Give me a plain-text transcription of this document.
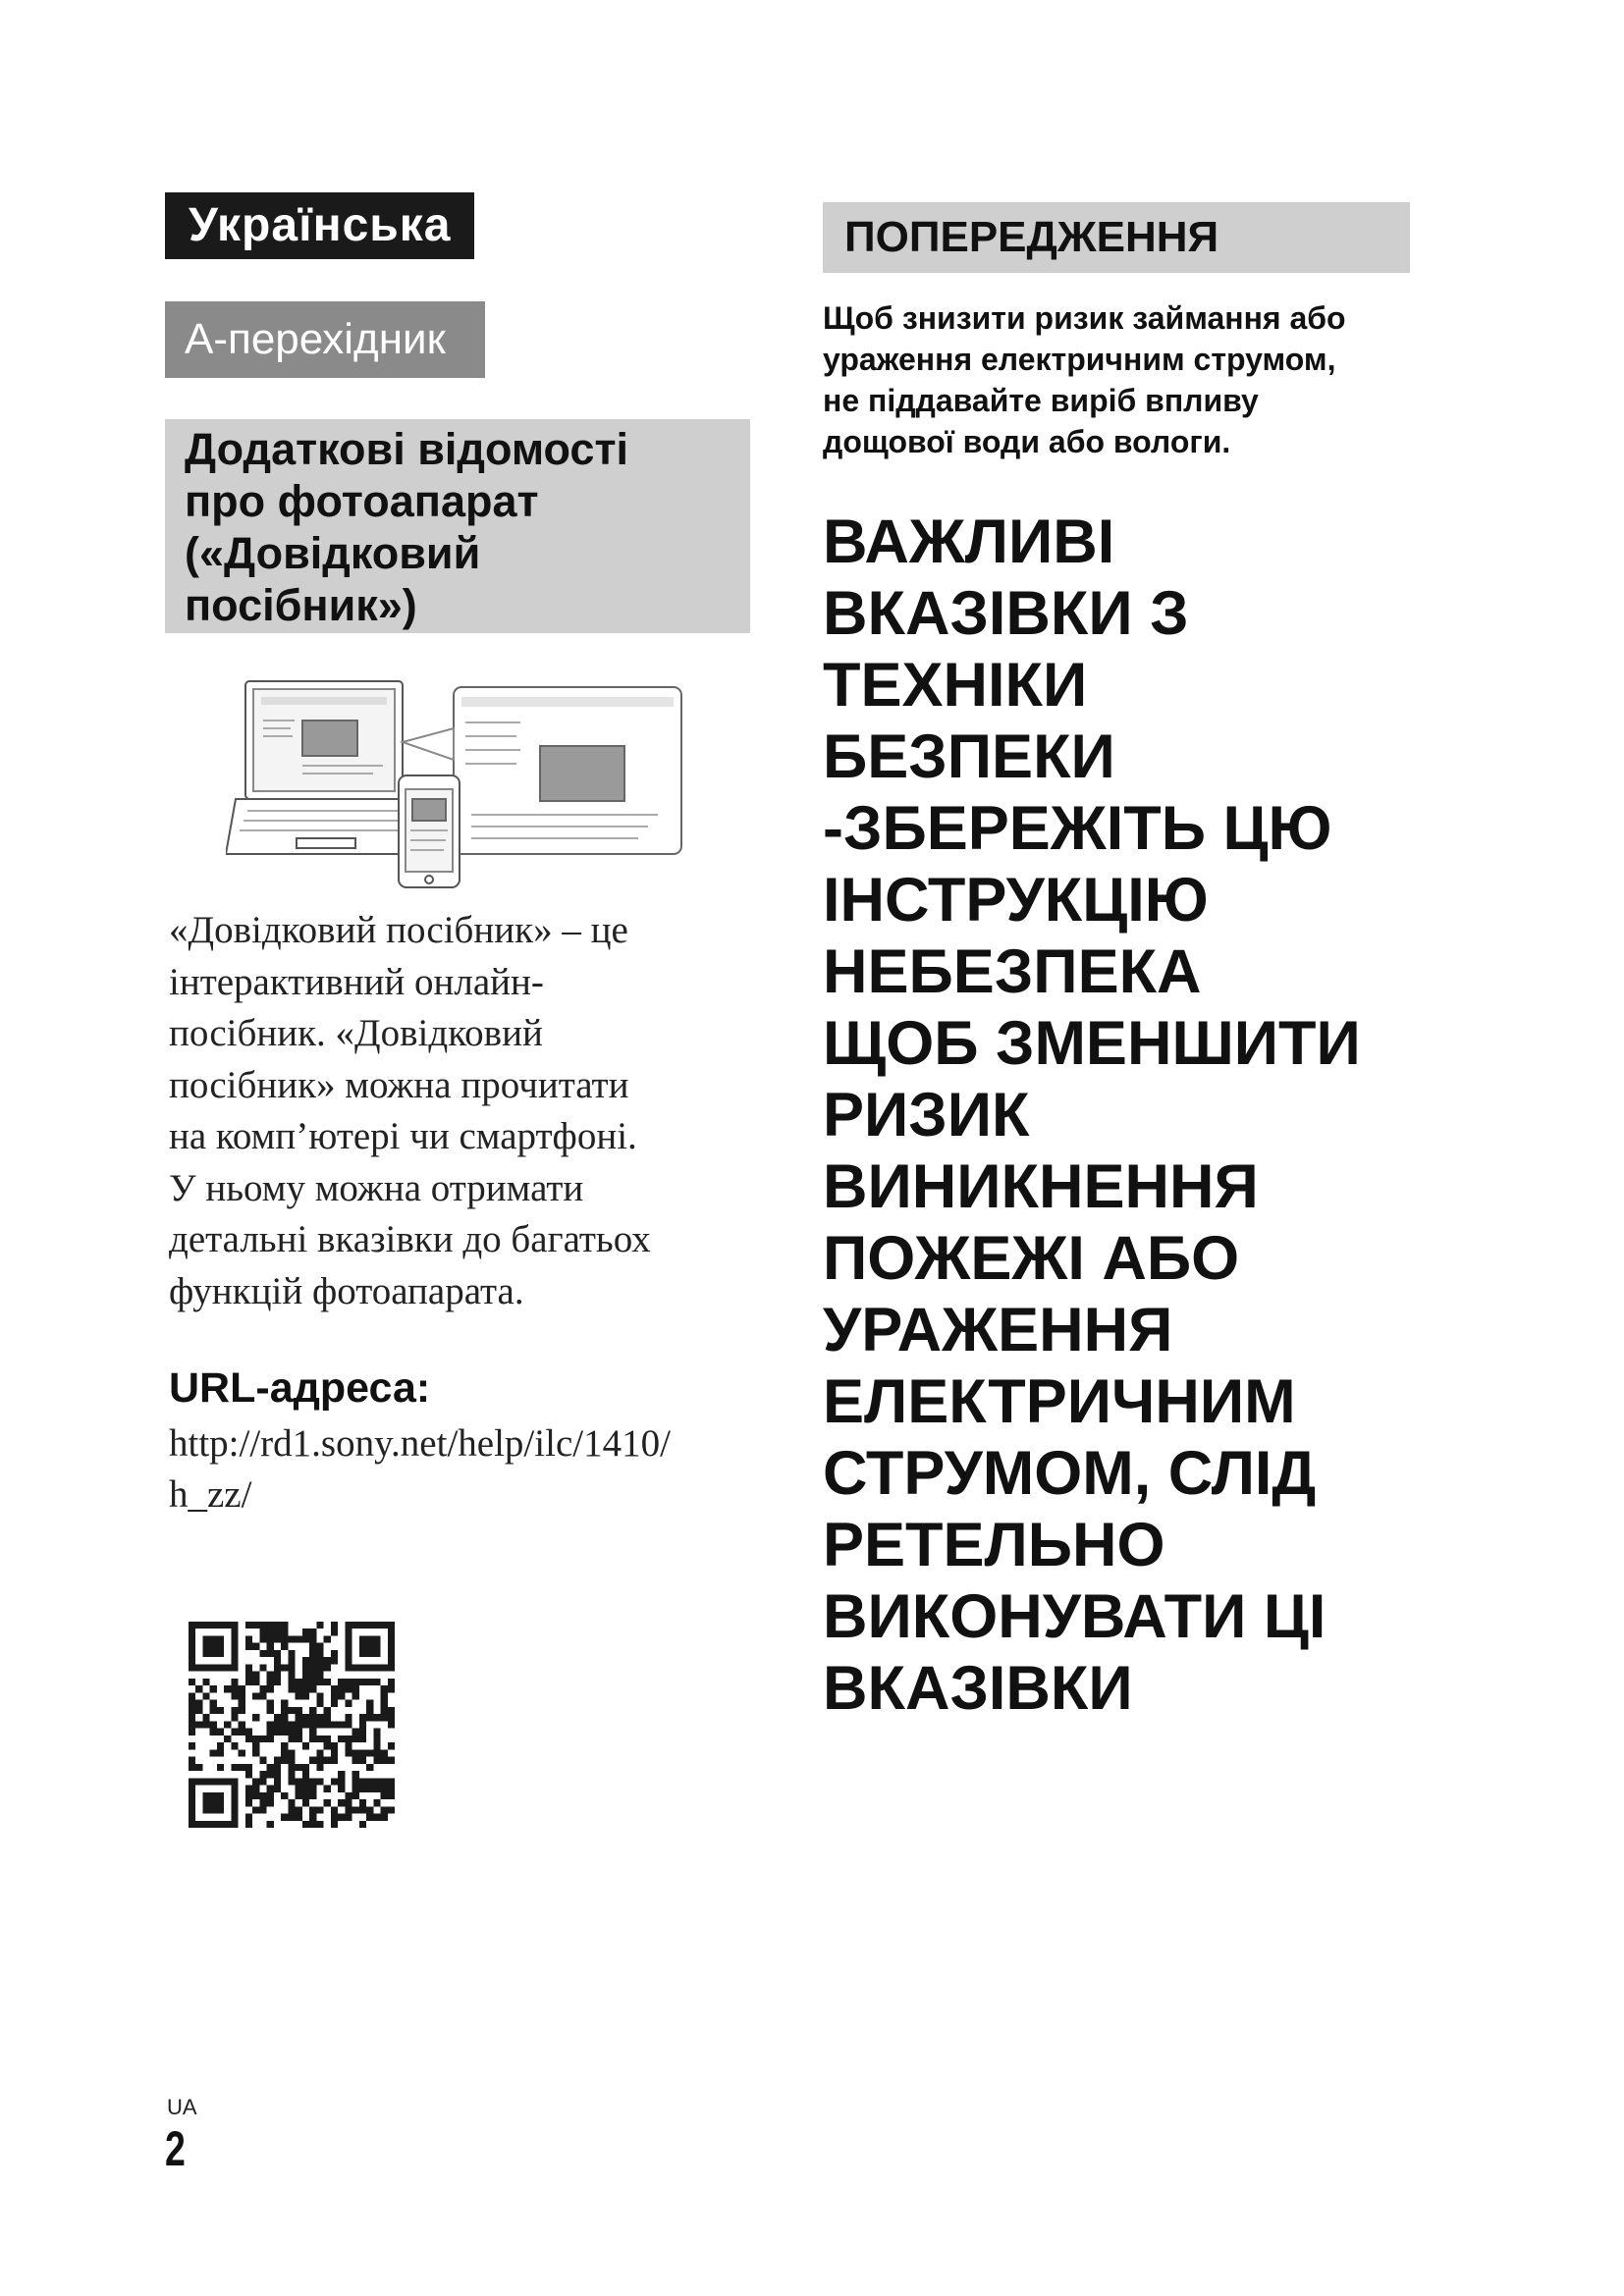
Українська
А-перехідник
Додаткові відомості
про фотоапарат
(«Довідковий
посібник»)
«Довідковий посібник» – це
інтерактивний онлайн-
посібник. «Довідковий
посібник» можна прочитати
на комп’ютері чи смартфоні.
У ньому можна отримати
детальні вказівки до багатьох
функцій фотоапарата.
URL-адреса:
http://rd1.sony.net/help/ilc/1410/
h_zz/
ПОПЕРЕДЖЕННЯ
Щоб знизити ризик займання або
ураження електричним струмом,
не піддавайте виріб впливу
дощової води або вологи.
ВАЖЛИВІ
ВКАЗІВКИ З
ТЕХНІКИ
БЕЗПЕКИ
-ЗБЕРЕЖІТЬ ЦЮ
ІНСТРУКЦІЮ
НЕБЕЗПЕКА
ЩОБ ЗМЕНШИТИ
РИЗИК
ВИНИКНЕННЯ
ПОЖЕЖІ АБО
УРАЖЕННЯ
ЕЛЕКТРИЧНИМ
СТРУМОМ, СЛІД
РЕТЕЛЬНО
ВИКОНУВАТИ ЦІ
ВКАЗІВКИ
UA
2
